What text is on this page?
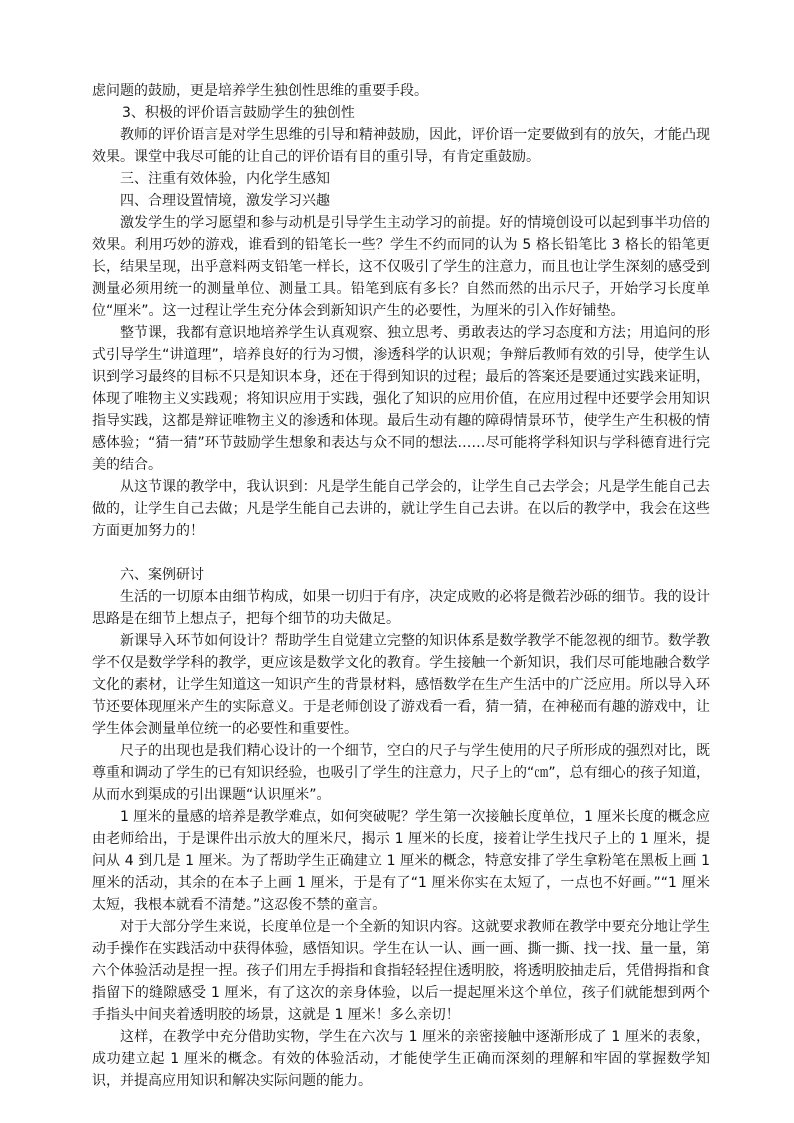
虑问题的鼓励，更是培养学生独创性思维的重要手段。

3、积极的评价语言鼓励学生的独创性

教师的评价语言是对学生思维的引导和精神鼓励，因此，评价语一定要做到有的放矢，才能凸现效果。课堂中我尽可能的让自己的评价语有目的重引导，有肯定重鼓励。

三、注重有效体验，内化学生感知

四、合理设置情境，激发学习兴趣

激发学生的学习愿望和参与动机是引导学生主动学习的前提。好的情境创设可以起到事半功倍的效果。利用巧妙的游戏，谁看到的铅笔长一些？学生不约而同的认为 5 格长铅笔比 3 格长的铅笔更长，结果呈现，出乎意料两支铅笔一样长，这不仅吸引了学生的注意力，而且也让学生深刻的感受到测量必须用统一的测量单位、测量工具。铅笔到底有多长？自然而然的出示尺子，开始学习长度单位“厘米”。这一过程让学生充分体会到新知识产生的必要性，为厘米的引入作好铺垫。

整节课，我都有意识地培养学生认真观察、独立思考、勇敢表达的学习态度和方法；用追问的形式引导学生“讲道理”，培养良好的行为习惯，渗透科学的认识观；争辩后教师有效的引导，使学生认识到学习最终的目标不只是知识本身，还在于得到知识的过程；最后的答案还是要通过实践来证明，体现了唯物主义实践观；将知识应用于实践，强化了知识的应用价值，在应用过程中还要学会用知识指导实践，这都是辩证唯物主义的渗透和体现。最后生动有趣的障碍情景环节，使学生产生积极的情感体验；“猜一猜”环节鼓励学生想象和表达与众不同的想法……尽可能将学科知识与学科德育进行完美的结合。

从这节课的教学中，我认识到：凡是学生能自己学会的，让学生自己去学会；凡是学生能自己去做的，让学生自己去做；凡是学生能自己去讲的，就让学生自己去讲。在以后的教学中，我会在这些方面更加努力的！

六、案例研讨

生活的一切原本由细节构成，如果一切归于有序，决定成败的必将是微若沙砾的细节。我的设计思路是在细节上想点子，把每个细节的功夫做足。

新课导入环节如何设计？帮助学生自觉建立完整的知识体系是数学教学不能忽视的细节。数学教学不仅是数学学科的教学，更应该是数学文化的教育。学生接触一个新知识，我们尽可能地融合数学文化的素材，让学生知道这一知识产生的背景材料，感悟数学在生产生活中的广泛应用。所以导入环节还要体现厘米产生的实际意义。于是老师创设了游戏看一看，猜一猜，在神秘而有趣的游戏中，让学生体会测量单位统一的必要性和重要性。

尺子的出现也是我们精心设计的一个细节，空白的尺子与学生使用的尺子所形成的强烈对比，既尊重和调动了学生的已有知识经验，也吸引了学生的注意力，尺子上的“㎝”，总有细心的孩子知道，从而水到渠成的引出课题“认识厘米”。

1 厘米的量感的培养是教学难点，如何突破呢？学生第一次接触长度单位，1 厘米长度的概念应由老师给出，于是课件出示放大的厘米尺，揭示 1 厘米的长度，接着让学生找尺子上的 1 厘米，提问从 4 到几是 1 厘米。为了帮助学生正确建立 1 厘米的概念，特意安排了学生拿粉笔在黑板上画 1 厘米的活动，其余的在本子上画 1 厘米，于是有了“1 厘米你实在太短了，一点也不好画。”“1 厘米太短，我根本就看不清楚。”这忍俊不禁的童言。

对于大部分学生来说，长度单位是一个全新的知识内容。这就要求教师在教学中要充分地让学生动手操作在实践活动中获得体验，感悟知识。学生在认一认、画一画、撕一撕、找一找、量一量，第六个体验活动是捏一捏。孩子们用左手拇指和食指轻轻捏住透明胶，将透明胶抽走后，凭借拇指和食指留下的缝隙感受 1 厘米，有了这次的亲身体验，以后一提起厘米这个单位，孩子们就能想到两个手指头中间夹着透明胶的场景，这就是 1 厘米！多么亲切！

这样，在教学中充分借助实物，学生在六次与 1 厘米的亲密接触中逐渐形成了 1 厘米的表象，成功建立起 1 厘米的概念。有效的体验活动，才能使学生正确而深刻的理解和牢固的掌握数学知识，并提高应用知识和解决实际问题的能力。
